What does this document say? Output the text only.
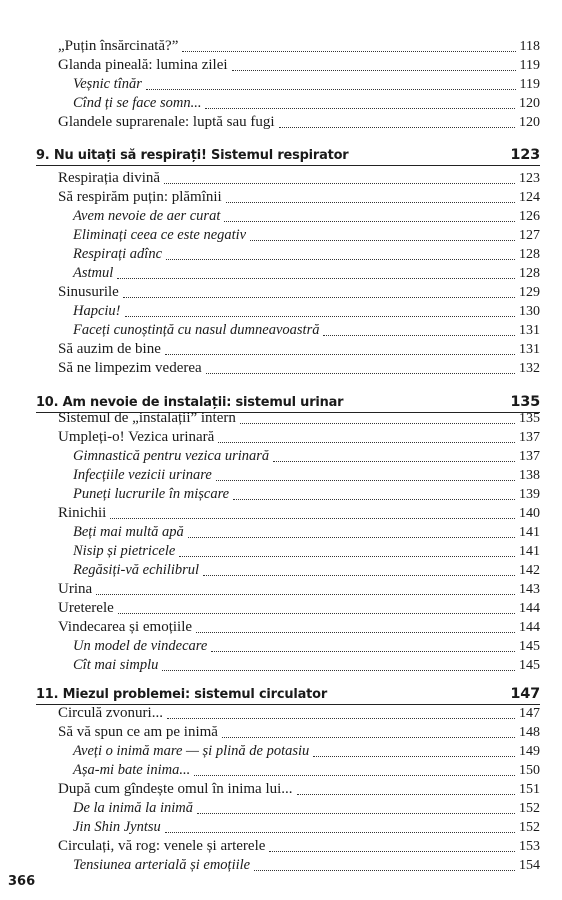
„Puțin însărcinată?”	118
Glanda pineală: lumina zilei	119
Veșnic tînăr	119
Cînd ți se face somn...	120
Glandele suprarenale: luptă sau fugi	120
9. Nu uitați să respirați! Sistemul respirator	123
Respirația divină	123
Să respirăm puțin: plămînii	124
Avem nevoie de aer curat	126
Eliminați ceea ce este negativ	127
Respirați adînc	128
Astmul	128
Sinusurile	129
Hapciu!	130
Faceți cunoștință cu nasul dumneavoastră	131
Să auzim de bine	131
Să ne limpezim vederea	132
10. Am nevoie de instalații: sistemul urinar	135
Sistemul de „instalații” intern	135
Umpleți-o! Vezica urinară	137
Gimnastică pentru vezica urinară	137
Infecțiile vezicii urinare	138
Puneți lucrurile în mișcare	139
Rinichii	140
Beți mai multă apă	141
Nisip și pietricele	141
Regăsiți-vă echilibrul	142
Urina	143
Ureterele	144
Vindecarea și emoțiile	144
Un model de vindecare	145
Cît mai simplu	145
11. Miezul problemei: sistemul circulator	147
Circulă zvonuri...	147
Să vă spun ce am pe inimă	148
Aveți o inimă mare — și plină de potasiu	149
Așa-mi bate inima...	150
După cum gîndește omul în inima lui...	151
De la inimă la inimă	152
Jin Shin Jyntsu	152
Circulați, vă rog: venele și arterele	153
Tensiunea arterială și emoțiile	154
366
